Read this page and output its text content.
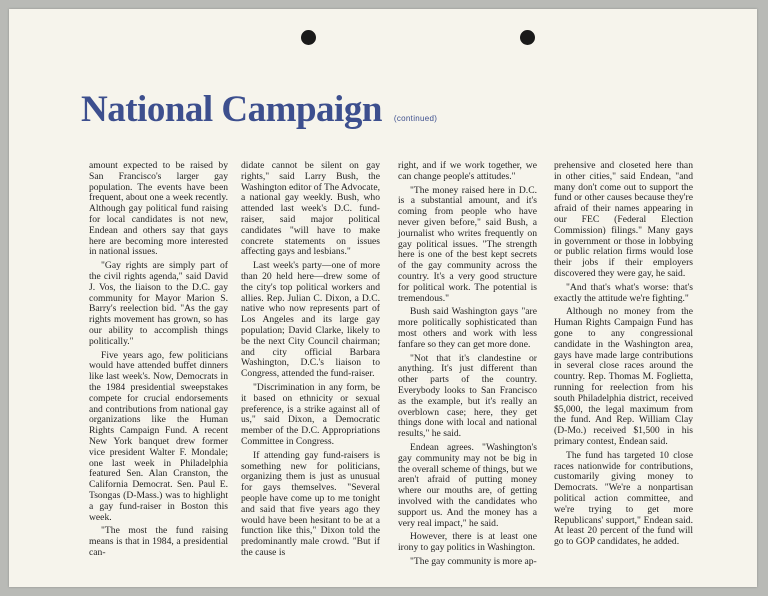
National Campaign (continued)

amount expected to be raised by San Francisco's larger gay population. The events have been frequent, about one a week recently. Although gay political fund raising for local candidates is not new, Endean and others say that gays here are becoming more interested in national issues.

"Gay rights are simply part of the civil rights agenda," said David J. Vos, the liaison to the D.C. gay community for Mayor Marion S. Barry's reelection bid. "As the gay rights movement has grown, so has our ability to accomplish things politically."

Five years ago, few politicians would have attended buffet dinners like last week's. Now, Democrats in the 1984 presidential sweepstakes compete for crucial endorsements and contributions from national gay organizations like the Human Rights Campaign Fund. A recent New York banquet drew former vice president Walter F. Mondale; one last week in Philadelphia featured Sen. Alan Cranston, the California Democrat. Sen. Paul E. Tsongas (D-Mass.) was to highlight a gay fund-raiser in Boston this week.

"The most the fund raising means is that in 1984, a presidential can-

didate cannot be silent on gay rights," said Larry Bush, the Washington editor of The Advocate, a national gay weekly. Bush, who attended last week's D.C. fund-raiser, said major political candidates "will have to make concrete statements on issues affecting gays and lesbians."

Last week's party—one of more than 20 held here—drew some of the city's top political workers and allies. Rep. Julian C. Dixon, a D.C. native who now represents part of Los Angeles and its large gay population; David Clarke, likely to be the next City Council chairman; and city official Barbara Washington, D.C.'s liaison to Congress, attended the fund-raiser.

"Discrimination in any form, be it based on ethnicity or sexual preference, is a strike against all of us," said Dixon, a Democratic member of the D.C. Appropriations Committee in Congress.

If attending gay fund-raisers is something new for politicians, organizing them is just as unusual for gays themselves. "Several people have come up to me tonight and said that five years ago they would have been hesitant to be at a function like this," Dixon told the predominantly male crowd. "But if the cause is

right, and if we work together, we can change people's attitudes."

"The money raised here in D.C. is a substantial amount, and it's coming from people who have never given before," said Bush, a journalist who writes frequently on gay political issues. "The strength here is one of the best kept secrets of the gay community across the country. It's a very good structure for political work. The potential is tremendous."

Bush said Washington gays "are more politically sophisticated than most others and work with less fanfare so they can get more done.

"Not that it's clandestine or anything. It's just different than other parts of the country. Everybody looks to San Francisco as the example, but it's really an overblown case; here, they get things done with local and national results," he said.

Endean agrees. "Washington's gay community may not be big in the overall scheme of things, but we aren't afraid of putting money where our mouths are, of getting involved with the candidates who support us. And the money has a very real impact," he said.

However, there is at least one irony to gay politics in Washington.

"The gay community is more ap-

prehensive and closeted here than in other cities," said Endean, "and many don't come out to support the fund or other causes because they're afraid of their names appearing in our FEC (Federal Election Commission) filings." Many gays in government or those in lobbying or public relation firms would lose their jobs if their employers discovered they were gay, he said.

"And that's what's worse: that's exactly the attitude we're fighting."

Although no money from the Human Rights Campaign Fund has gone to any congressional candidate in the Washington area, gays have made large contributions in several close races around the country. Rep. Thomas M. Foglietta, running for reelection from his south Philadelphia district, received $5,000, the legal maximum from the fund. And Rep. William Clay (D-Mo.) received $1,500 in his primary contest, Endean said.

The fund has targeted 10 close races nationwide for contributions, customarily giving money to Democrats. "We're a nonpartisan political action committee, and we're trying to get more Republicans' support," Endean said. At least 20 percent of the fund will go to GOP candidates, he added.
